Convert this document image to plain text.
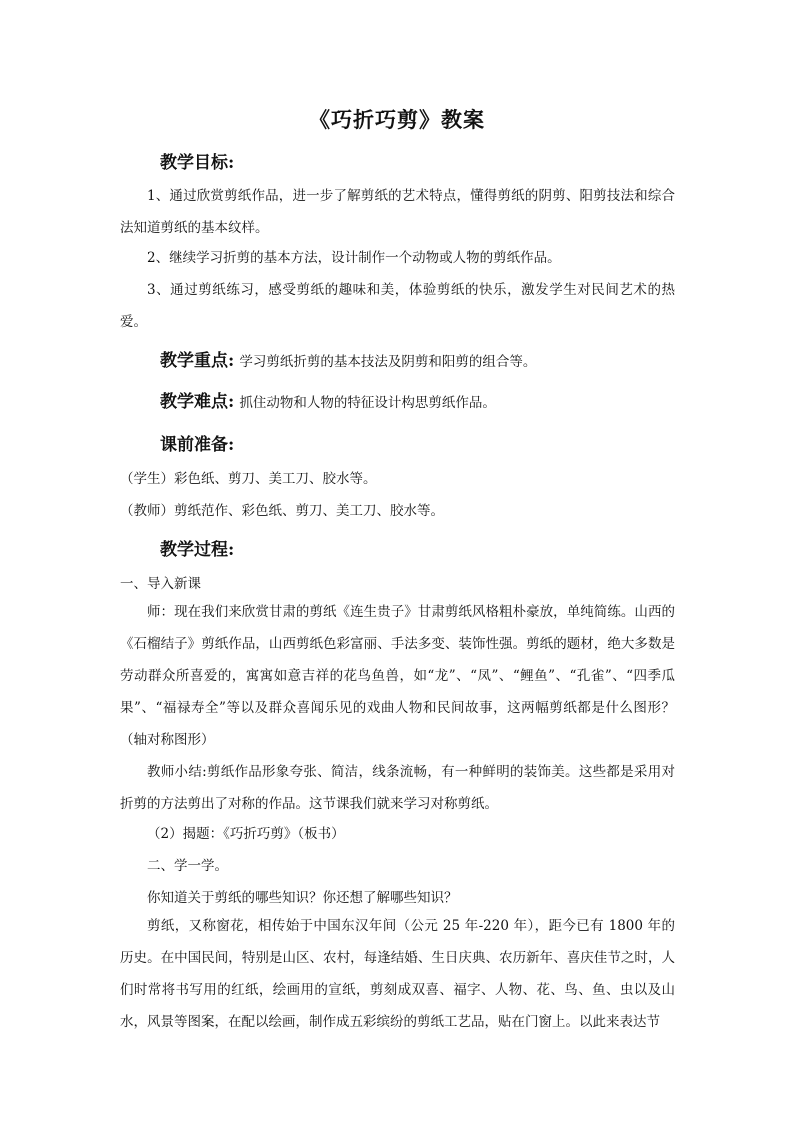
《巧折巧剪》教案
教学目标:

1、通过欣赏剪纸作品，进一步了解剪纸的艺术特点，懂得剪纸的阴剪、阳剪技法和综合法知道剪纸的基本纹样。

2、继续学习折剪的基本方法，设计制作一个动物或人物的剪纸作品。

3、通过剪纸练习，感受剪纸的趣味和美，体验剪纸的快乐，激发学生对民间艺术的热爱。

教学重点: 学习剪纸折剪的基本技法及阴剪和阳剪的组合等。

教学难点: 抓住动物和人物的特征设计构思剪纸作品。

课前准备:

（学生）彩色纸、剪刀、美工刀、胶水等。

（教师）剪纸范作、彩色纸、剪刀、美工刀、胶水等。

教学过程:

一、导入新课

师：现在我们来欣赏甘肃的剪纸《连生贵子》甘肃剪纸风格粗朴豪放，单纯简练。山西的《石榴结子》剪纸作品，山西剪纸色彩富丽、手法多变、装饰性强。剪纸的题材，绝大多数是劳动群众所喜爱的，寓寓如意吉祥的花鸟鱼兽，如“龙”、“凤”、“鲤鱼”、“孔雀”、“四季瓜果”、“福禄寿全”等以及群众喜闻乐见的戏曲人物和民间故事，这两幅剪纸都是什么图形？（轴对称图形）

教师小结:剪纸作品形象夸张、简洁，线条流畅，有一种鲜明的装饰美。这些都是采用对折剪的方法剪出了对称的作品。这节课我们就来学习对称剪纸。

（2）揭题：《巧折巧剪》（板书）

二、学一学。

你知道关于剪纸的哪些知识？你还想了解哪些知识？

剪纸，又称窗花，相传始于中国东汉年间（公元 25 年-220 年），距今已有 1800 年的历史。在中国民间，特别是山区、农村，每逢结婚、生日庆典、农历新年、喜庆佳节之时，人们时常将书写用的红纸，绘画用的宣纸，剪刻成双喜、福字、人物、花、鸟、鱼、虫以及山水，风景等图案，在配以绘画，制作成五彩缤纷的剪纸工艺品，贴在门窗上。以此来表达节
